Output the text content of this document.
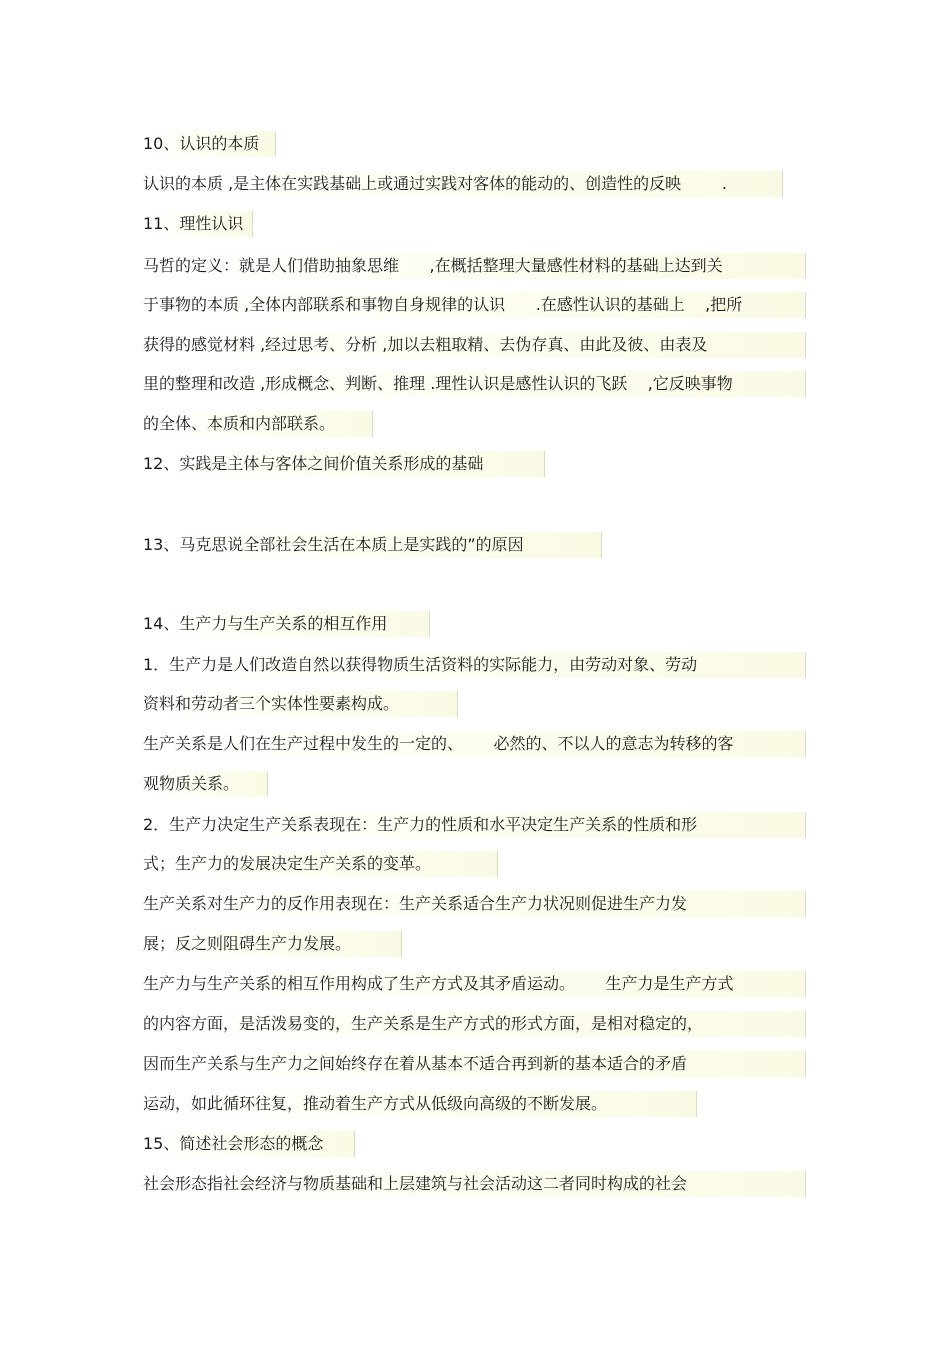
10、认识的本质
认识的本质 ,是主体在实践基础上或通过实践对客体的能动的、创造性的反映        .
11、理性认识
马哲的定义：就是人们借助抽象思维      ,在概括整理大量感性材料的基础上达到关
于事物的本质 ,全体内部联系和事物自身规律的认识      .在感性认识的基础上    ,把所
获得的感觉材料 ,经过思考、分析 ,加以去粗取精、去伪存真、由此及彼、由表及
里的整理和改造 ,形成概念、判断、推理 .理性认识是感性认识的飞跃    ,它反映事物
的全体、本质和内部联系。
12、实践是主体与客体之间价值关系形成的基础
13、马克思说全部社会生活在本质上是实践的”的原因
14、生产力与生产关系的相互作用
1．生产力是人们改造自然以获得物质生活资料的实际能力，由劳动对象、劳动
资料和劳动者三个实体性要素构成。
生产关系是人们在生产过程中发生的一定的、      必然的、不以人的意志为转移的客
观物质关系。
2．生产力决定生产关系表现在：生产力的性质和水平决定生产关系的性质和形
式；生产力的发展决定生产关系的变革。
生产关系对生产力的反作用表现在：生产关系适合生产力状况则促进生产力发
展；反之则阻碍生产力发展。
生产力与生产关系的相互作用构成了生产方式及其矛盾运动。      生产力是生产方式
的内容方面，是活泼易变的，生产关系是生产方式的形式方面，是相对稳定的，
因而生产关系与生产力之间始终存在着从基本不适合再到新的基本适合的矛盾
运动，如此循环往复，推动着生产方式从低级向高级的不断发展。
15、简述社会形态的概念
社会形态指社会经济与物质基础和上层建筑与社会活动这二者同时构成的社会
